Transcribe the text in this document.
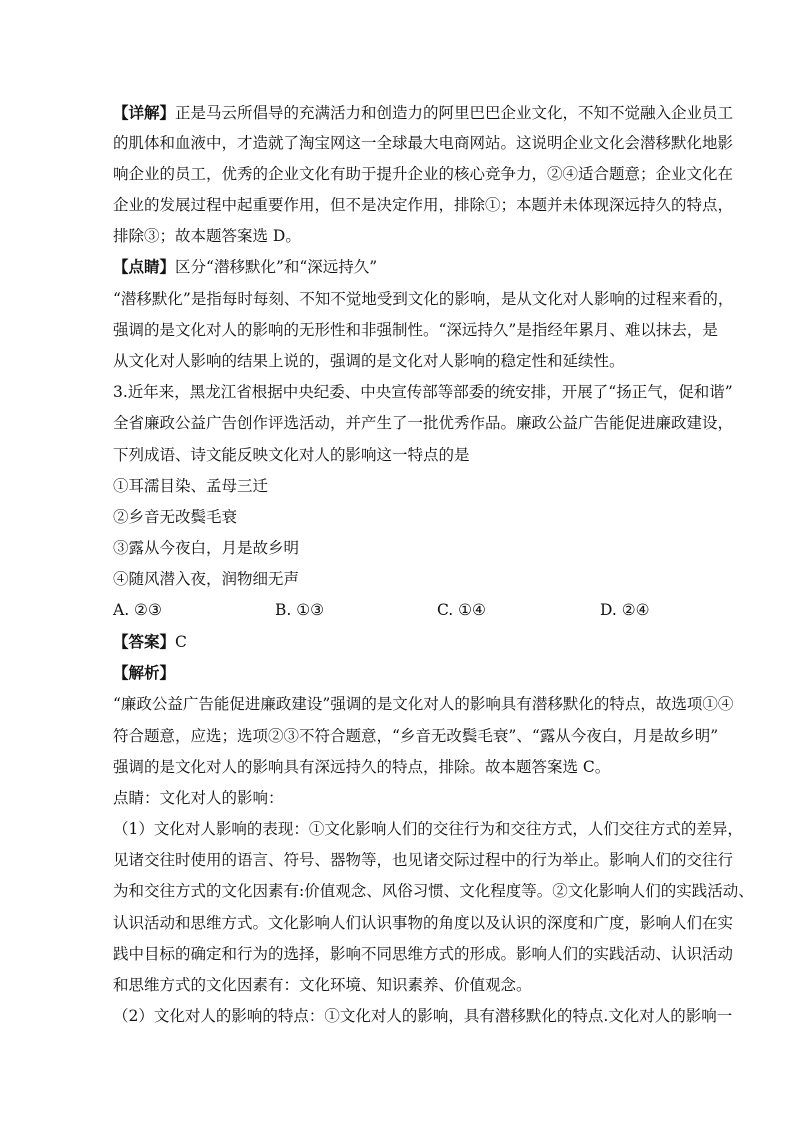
【详解】正是马云所倡导的充满活力和创造力的阿里巴巴企业文化，不知不觉融入企业员工
的肌体和血液中，才造就了淘宝网这一全球最大电商网站。这说明企业文化会潜移默化地影
响企业的员工，优秀的企业文化有助于提升企业的核心竞争力，②④适合题意；企业文化在
企业的发展过程中起重要作用，但不是决定作用，排除①；本题并未体现深远持久的特点，
排除③；故本题答案选 D。
【点睛】区分“潜移默化”和“深远持久”
“潜移默化”是指每时每刻、不知不觉地受到文化的影响，是从文化对人影响的过程来看的，
强调的是文化对人的影响的无形性和非强制性。“深远持久”是指经年累月、难以抹去，是
从文化对人影响的结果上说的，强调的是文化对人影响的稳定性和延续性。
3.近年来，黑龙江省根据中央纪委、中央宣传部等部委的统安排，开展了“扬正气，促和谐”
全省廉政公益广告创作评选活动，并产生了一批优秀作品。廉政公益广告能促进廉政建设，
下列成语、诗文能反映文化对人的影响这一特点的是
①耳濡目染、孟母三迁
②乡音无改鬓毛衰
③露从今夜白，月是故乡明
④随风潜入夜，润物细无声
A. ②③	B. ①③	C. ①④	D. ②④
【答案】C
【解析】
“廉政公益广告能促进廉政建设”强调的是文化对人的影响具有潜移默化的特点，故选项①④
符合题意，应选；选项②③不符合题意，“乡音无改鬓毛衰”、“露从今夜白，月是故乡明”
强调的是文化对人的影响具有深远持久的特点，排除。故本题答案选 C。
点睛：文化对人的影响：
（1）文化对人影响的表现：①文化影响人们的交往行为和交往方式，人们交往方式的差异，
见诸交往时使用的语言、符号、器物等，也见诸交际过程中的行为举止。影响人们的交往行
为和交往方式的文化因素有:价值观念、风俗习惯、文化程度等。②文化影响人们的实践活动、
认识活动和思维方式。文化影响人们认识事物的角度以及认识的深度和广度，影响人们在实
践中目标的确定和行为的选择，影响不同思维方式的形成。影响人们的实践活动、认识活动
和思维方式的文化因素有：文化环境、知识素养、价值观念。
（2）文化对人的影响的特点：①文化对人的影响，具有潜移默化的特点.文化对人的影响一
